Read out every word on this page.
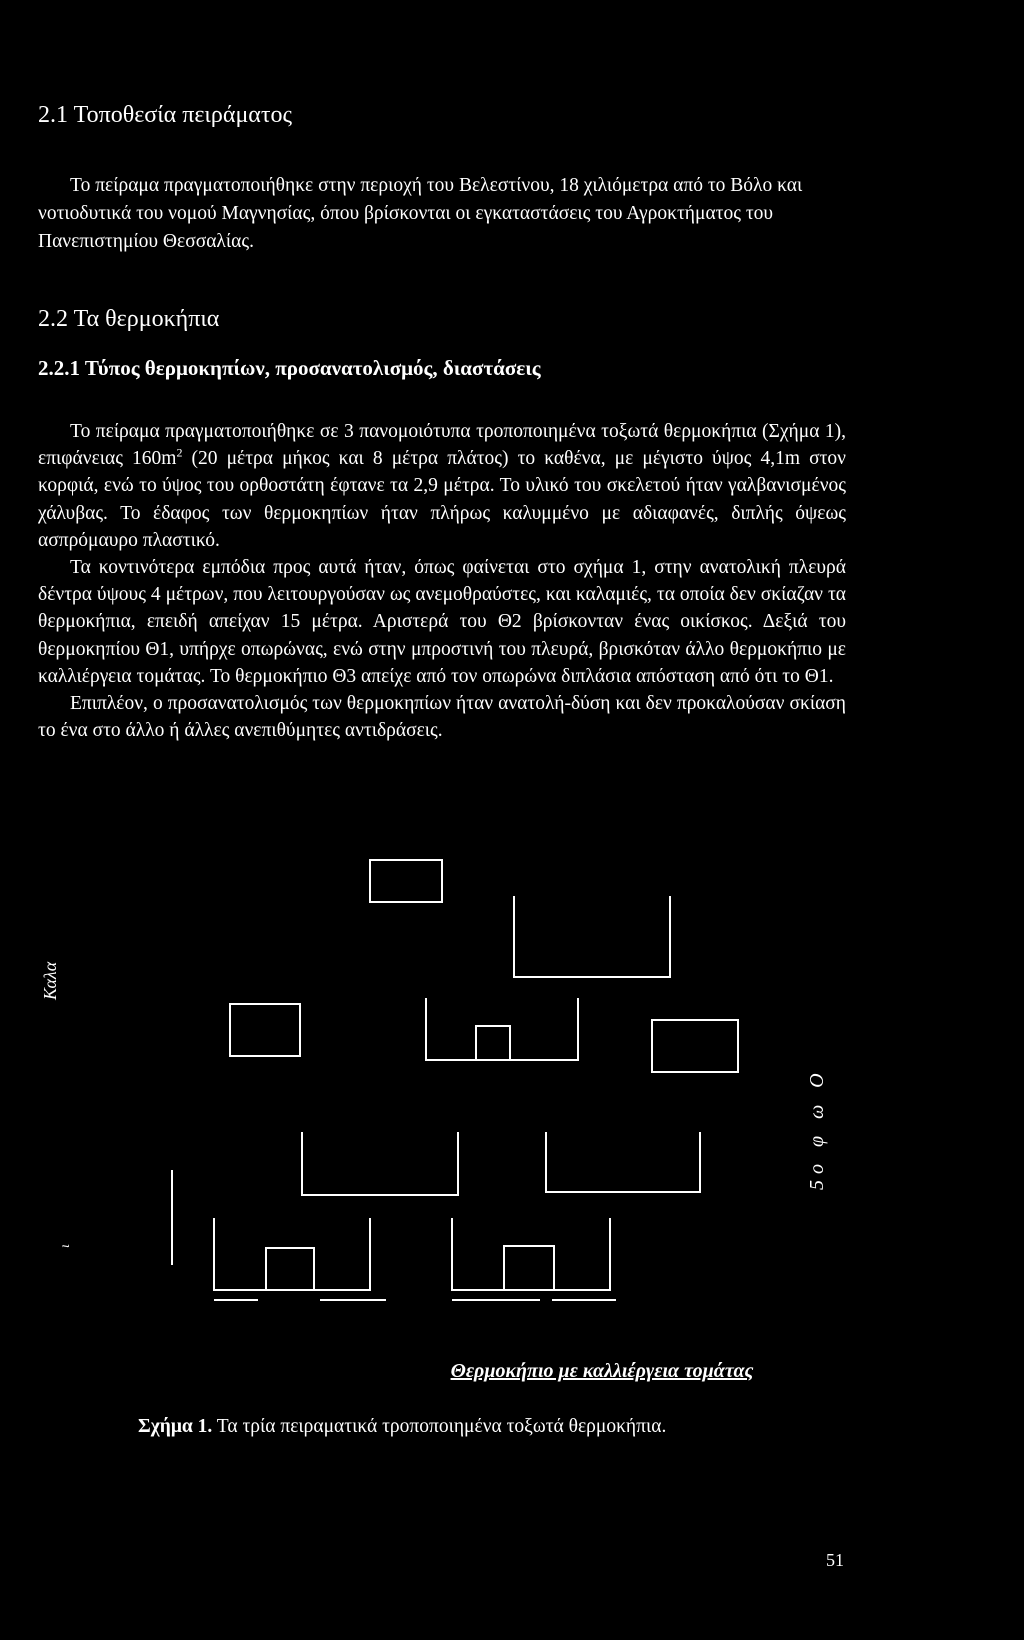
2.1 Τοποθεσία πειράματος

Το πείραμα πραγματοποιήθηκε στην περιοχή του Βελεστίνου, 18 χιλιόμετρα από το Βόλο και νοτιοδυτικά του νομού Μαγνησίας, όπου βρίσκονται οι εγκαταστάσεις του Αγροκτήματος του Πανεπιστημίου Θεσσαλίας.

2.2 Τα θερμοκήπια
2.2.1 Τύπος θερμοκηπίων, προσανατολισμός, διαστάσεις

Το πείραμα πραγματοποιήθηκε σε 3 πανομοιότυπα τροποποιημένα τοξωτά θερμοκήπια (Σχήμα 1), επιφάνειας $160m^2$ (20 μέτρα μήκος και 8 μέτρα πλάτος) το καθένα, με μέγιστο ύψος 4,1m στον κορφιά, ενώ το ύψος του ορθοστάτη έφτανε τα 2,9 μέτρα. Το υλικό του σκελετού ήταν γαλβανισμένος χάλυβας. Το έδαφος των θερμοκηπίων ήταν πλήρως καλυμμένο με αδιαφανές, διπλής όψεως ασπρόμαυρο πλαστικό.

Τα κοντινότερα εμπόδια προς αυτά ήταν, όπως φαίνεται στο σχήμα 1, στην ανατολική πλευρά δέντρα ύψους 4 μέτρων, που λειτουργούσαν ως ανεμοθραύστες, και καλαμιές, τα οποία δεν σκίαζαν τα θερμοκήπια, επειδή απείχαν 15 μέτρα. Αριστερά του Θ2 βρίσκονταν ένας οικίσκος. Δεξιά του θερμοκηπίου Θ1, υπήρχε οπωρώνας, ενώ στην μπροστινή του πλευρά, βρισκόταν άλλο θερμοκήπιο με καλλιέργεια τομάτας. Το θερμοκήπιο Θ3 απείχε από τον οπωρώνα διπλάσια απόσταση από ότι το Θ1.

Επιπλέον, ο προσανατολισμός των θερμοκηπίων ήταν ανατολή-δύση και δεν προκαλούσαν σκίαση το ένα στο άλλο ή άλλες ανεπιθύμητες αντιδράσεις.

Καλα
ι
5ο φ ω Ο
Θερμοκήπιο με καλλιέργεια τομάτας
Σχήμα 1. Τα τρία πειραματικά τροποποιημένα τοξωτά θερμοκήπια.
51
